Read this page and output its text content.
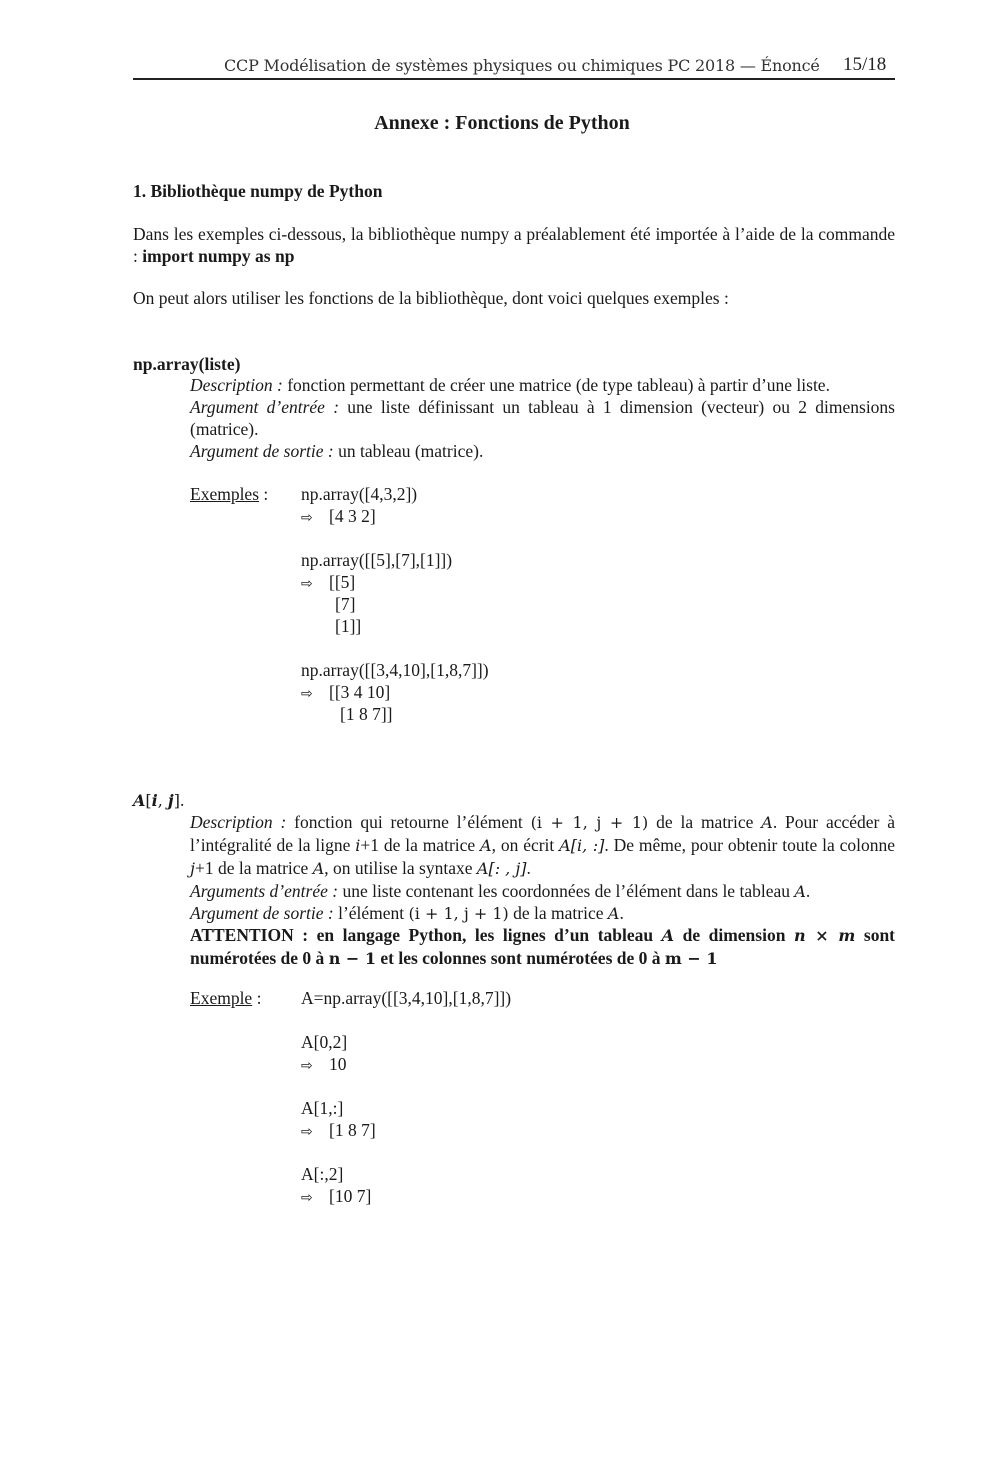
CCP Modélisation de systèmes physiques ou chimiques PC 2018 — Énoncé 15/18
Annexe : Fonctions de Python
1. Bibliothèque numpy de Python
Dans les exemples ci-dessous, la bibliothèque numpy a préalablement été importée à l’aide de la commande : import numpy as np
On peut alors utiliser les fonctions de la bibliothèque, dont voici quelques exemples :
np.array(liste)
Description : fonction permettant de créer une matrice (de type tableau) à partir d’une liste.
Argument d’entrée : une liste définissant un tableau à 1 dimension (vecteur) ou 2 dimensions (matrice).
Argument de sortie : un tableau (matrice).
Exemples : np.array([4,3,2])
⇨ [4 3 2]
np.array([[5],[7],[1]])
⇨ [[5]
[7]
[1]]
np.array([[3,4,10],[1,8,7]])
⇨ [[3 4 10]
[1 8 7]]
A[i, j].
Description : fonction qui retourne l’élément (i + 1, j + 1) de la matrice A. Pour accéder à l’intégralité de la ligne i+1 de la matrice A, on écrit A[i, :]. De même, pour obtenir toute la colonne j+1 de la matrice A, on utilise la syntaxe A[: , j].
Arguments d’entrée : une liste contenant les coordonnées de l’élément dans le tableau A.
Argument de sortie : l’élément (i + 1, j + 1) de la matrice A.
ATTENTION : en langage Python, les lignes d’un tableau A de dimension n × m sont numérotées de 0 à n − 1 et les colonnes sont numérotées de 0 à m − 1
Exemple : A=np.array([[3,4,10],[1,8,7]])
A[0,2]
⇨ 10
A[1,:]
⇨ [1 8 7]
A[:,2]
⇨ [10 7]
